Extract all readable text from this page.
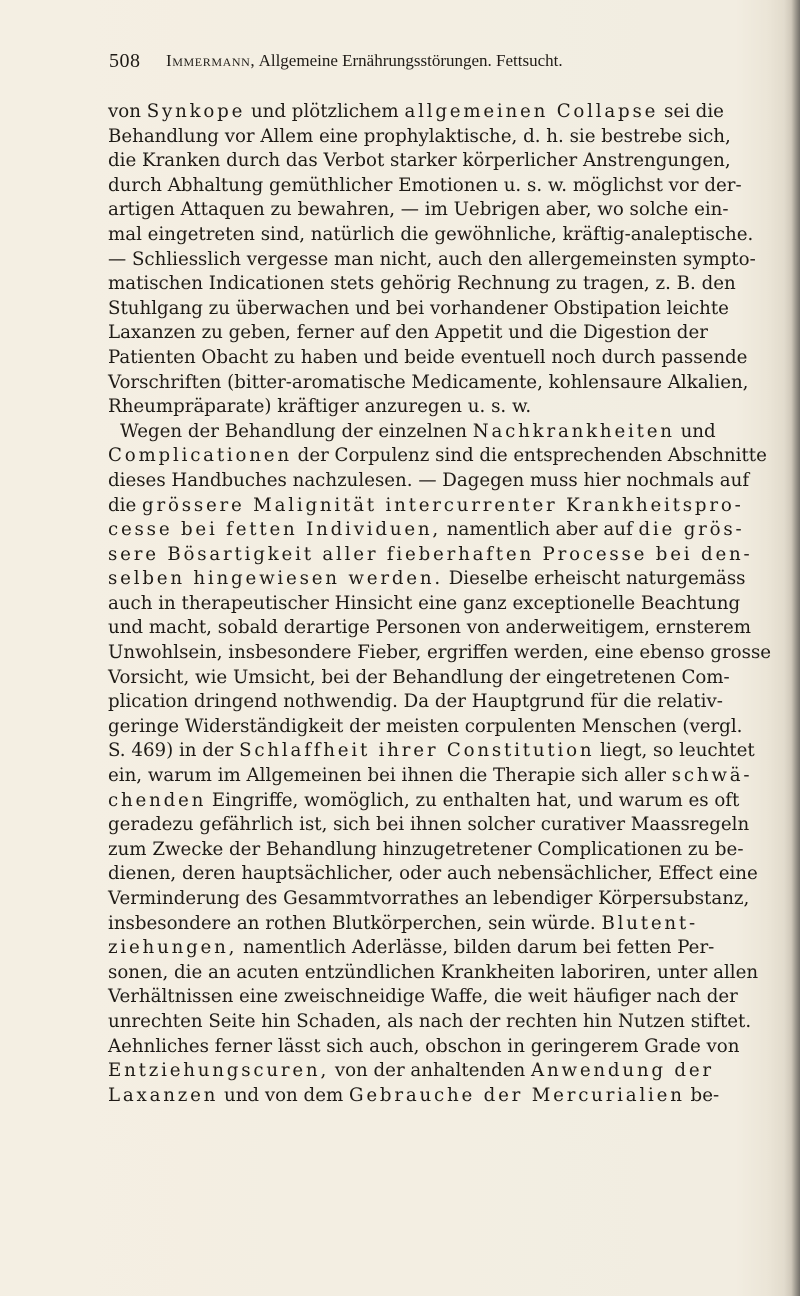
508 Immermann, Allgemeine Ernährungsstörungen. Fettsucht.
von Synkope und plötzlichem allgemeinen Collapse sei die
Behandlung vor Allem eine prophylaktische, d. h. sie bestrebe sich,
die Kranken durch das Verbot starker körperlicher Anstrengungen,
durch Abhaltung gemüthlicher Emotionen u. s. w. möglichst vor der-
artigen Attaquen zu bewahren, — im Uebrigen aber, wo solche ein-
mal eingetreten sind, natürlich die gewöhnliche, kräftig-analeptische.
— Schliesslich vergesse man nicht, auch den allergemeinsten sympto-
matischen Indicationen stets gehörig Rechnung zu tragen, z. B. den
Stuhlgang zu überwachen und bei vorhandener Obstipation leichte
Laxanzen zu geben, ferner auf den Appetit und die Digestion der
Patienten Obacht zu haben und beide eventuell noch durch passende
Vorschriften (bitter-aromatische Medicamente, kohlensaure Alkalien,
Rheumpräparate) kräftiger anzuregen u. s. w.
Wegen der Behandlung der einzelnen Nachkrankheiten und
Complicationen der Corpulenz sind die entsprechenden Abschnitte
dieses Handbuches nachzulesen. — Dagegen muss hier nochmals auf
die grössere Malignität intercurrenter Krankheitspro-
cesse bei fetten Individuen, namentlich aber auf die grös-
sere Bösartigkeit aller fieberhaften Processe bei den-
selben hingewiesen werden. Dieselbe erheischt naturgemäss
auch in therapeutischer Hinsicht eine ganz exceptionelle Beachtung
und macht, sobald derartige Personen von anderweitigem, ernsterem
Unwohlsein, insbesondere Fieber, ergriffen werden, eine ebenso grosse
Vorsicht, wie Umsicht, bei der Behandlung der eingetretenen Com-
plication dringend nothwendig. Da der Hauptgrund für die relativ-
geringe Widerständigkeit der meisten corpulenten Menschen (vergl.
S. 469) in der Schlaffheit ihrer Constitution liegt, so leuchtet
ein, warum im Allgemeinen bei ihnen die Therapie sich aller schwä-
chenden Eingriffe, womöglich, zu enthalten hat, und warum es oft
geradezu gefährlich ist, sich bei ihnen solcher curativer Maassregeln
zum Zwecke der Behandlung hinzugetretener Complicationen zu be-
dienen, deren hauptsächlicher, oder auch nebensächlicher, Effect eine
Verminderung des Gesammtvorrathes an lebendiger Körpersubstanz,
insbesondere an rothen Blutkörperchen, sein würde. Blutent-
ziehungen, namentlich Aderlässe, bilden darum bei fetten Per-
sonen, die an acuten entzündlichen Krankheiten laboriren, unter allen
Verhältnissen eine zweischneidige Waffe, die weit häufiger nach der
unrechten Seite hin Schaden, als nach der rechten hin Nutzen stiftet.
Aehnliches ferner lässt sich auch, obschon in geringerem Grade von
Entziehungscuren, von der anhaltenden Anwendung der
Laxanzen und von dem Gebrauche der Mercurialien be-
